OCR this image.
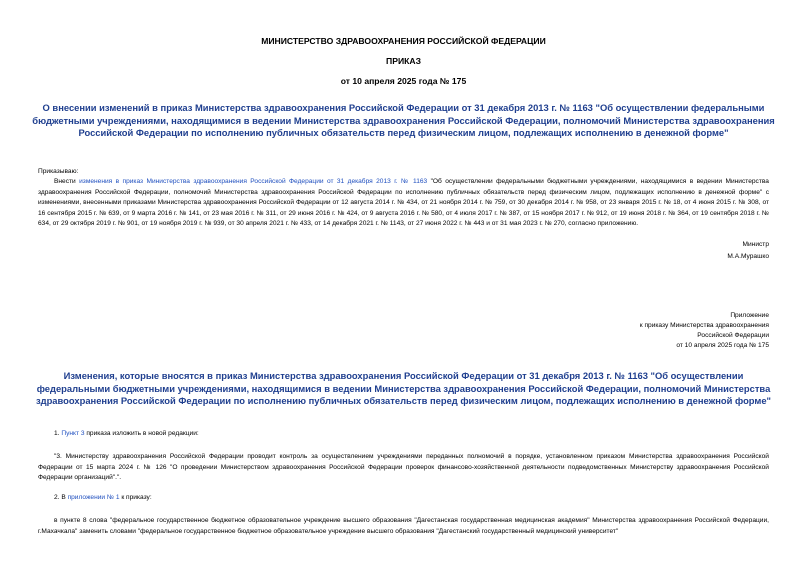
МИНИСТЕРСТВО ЗДРАВООХРАНЕНИЯ РОССИЙСКОЙ ФЕДЕРАЦИИ
ПРИКАЗ
от 10 апреля 2025 года № 175
О внесении изменений в приказ Министерства здравоохранения Российской Федерации от 31 декабря 2013 г. № 1163 "Об осуществлении федеральными бюджетными учреждениями, находящимися в ведении Министерства здравоохранения Российской Федерации, полномочий Министерства здравоохранения Российской Федерации по исполнению публичных обязательств перед физическим лицом, подлежащих исполнению в денежной форме"
Приказываю:
Внести изменения в приказ Министерства здравоохранения Российской Федерации от 31 декабря 2013 г. № 1163 "Об осуществлении федеральными бюджетными учреждениями, находящимися в ведении Министерства здравоохранения Российской Федерации, полномочий Министерства здравоохранения Российской Федерации по исполнению публичных обязательств перед физическим лицом, подлежащих исполнению в денежной форме" с изменениями, внесенными приказами Министерства здравоохранения Российской Федерации от 12 августа 2014 г. № 434, от 21 ноября 2014 г. № 759, от 30 декабря 2014 г. № 958, от 23 января 2015 г. № 18, от 4 июня 2015 г. № 308, от 16 сентября 2015 г. № 639, от 9 марта 2016 г. № 141, от 23 мая 2016 г. № 311, от 29 июня 2016 г. № 424, от 9 августа 2016 г. № 580, от 4 июля 2017 г. № 387, от 15 ноября 2017 г. № 912, от 19 июня 2018 г. № 364, от 19 сентября 2018 г. № 634, от 29 октября 2019 г. № 901, от 19 ноября 2019 г. № 939, от 30 апреля 2021 г. № 433, от 14 декабря 2021 г. № 1143, от 27 июня 2022 г. № 443 и от 31 мая 2023 г. № 270, согласно приложению.
Министр
М.А.Мурашко
Приложение
к приказу Министерства здравоохранения
Российской Федерации
от 10 апреля 2025 года № 175
Изменения, которые вносятся в приказ Министерства здравоохранения Российской Федерации от 31 декабря 2013 г. № 1163 "Об осуществлении федеральными бюджетными учреждениями, находящимися в ведении Министерства здравоохранения Российской Федерации, полномочий Министерства здравоохранения Российской Федерации по исполнению публичных обязательств перед физическим лицом, подлежащих исполнению в денежной форме"
1. Пункт 3 приказа изложить в новой редакции:
"3. Министерству здравоохранения Российской Федерации проводит контроль за осуществлением учреждениями переданных полномочий в порядке, установленном приказом Министерства здравоохранения Российской Федерации от 15 марта 2024 г. № 126 "О проведении Министерством здравоохранения Российской Федерации проверок финансово-хозяйственной деятельности подведомственных Министерству здравоохранения Российской Федерации организаций".".
2. В приложении № 1 к приказу:
в пункте 8 слова "федеральное государственное бюджетное образовательное учреждение высшего образования "Дагестанская государственная медицинская академия" Министерства здравоохранения Российской Федерации, г.Махачкала" заменить словами "федеральное государственное бюджетное образовательное учреждение высшего образования "Дагестанский государственный медицинский университет"
